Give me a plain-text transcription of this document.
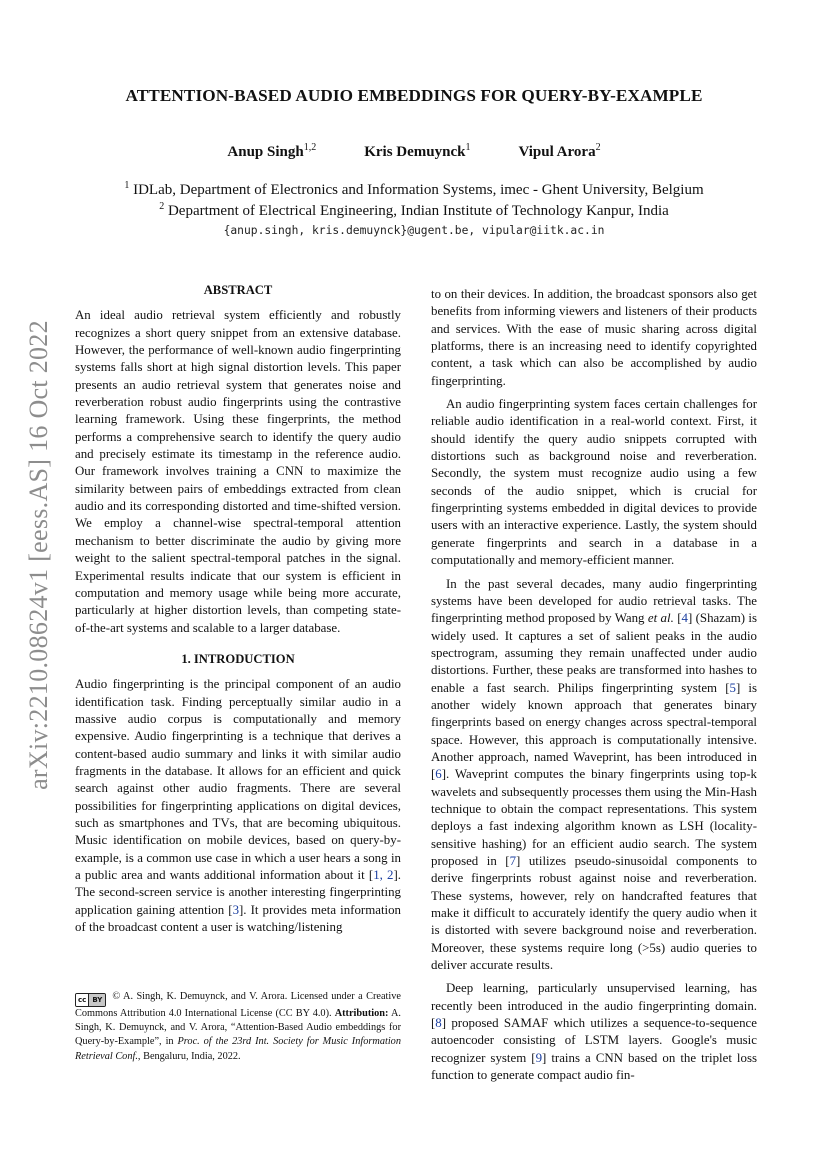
arXiv:2210.08624v1 [eess.AS] 16 Oct 2022
ATTENTION-BASED AUDIO EMBEDDINGS FOR QUERY-BY-EXAMPLE
Anup Singh$^{1,2}$	Kris Demuynck$^1$	Vipul Arora$^2$
$^1$ IDLab, Department of Electronics and Information Systems, imec - Ghent University, Belgium
$^2$ Department of Electrical Engineering, Indian Institute of Technology Kanpur, India
{anup.singh, kris.demuynck}@ugent.be, vipular@iitk.ac.in
ABSTRACT

An ideal audio retrieval system efficiently and robustly recognizes a short query snippet from an extensive database. However, the performance of well-known audio fingerprinting systems falls short at high signal distortion levels. This paper presents an audio retrieval system that generates noise and reverberation robust audio fingerprints using the contrastive learning framework. Using these fingerprints, the method performs a comprehensive search to identify the query audio and precisely estimate its timestamp in the reference audio. Our framework involves training a CNN to maximize the similarity between pairs of embeddings extracted from clean audio and its corresponding distorted and time-shifted version. We employ a channel-wise spectral-temporal attention mechanism to better discriminate the audio by giving more weight to the salient spectral-temporal patches in the signal. Experimental results indicate that our system is efficient in computation and memory usage while being more accurate, particularly at higher distortion levels, than competing state-of-the-art systems and scalable to a larger database.

1. INTRODUCTION

Audio fingerprinting is the principal component of an audio identification task. Finding perceptually similar audio in a massive audio corpus is computationally and memory expensive. Audio fingerprinting is a technique that derives a content-based audio summary and links it with similar audio fragments in the database. It allows for an efficient and quick search against other audio fragments. There are several possibilities for fingerprinting applications on digital devices, such as smartphones and TVs, that are becoming ubiquitous. Music identification on mobile devices, based on query-by-example, is a common use case in which a user hears a song in a public area and wants additional information about it [1, 2]. The second-screen service is another interesting fingerprinting application gaining attention [3]. It provides meta information of the broadcast content a user is watching/listening

to on their devices. In addition, the broadcast sponsors also get benefits from informing viewers and listeners of their products and services. With the ease of music sharing across digital platforms, there is an increasing need to identify copyrighted content, a task which can also be accomplished by audio fingerprinting.

An audio fingerprinting system faces certain challenges for reliable audio identification in a real-world context. First, it should identify the query audio snippets corrupted with distortions such as background noise and reverberation. Secondly, the system must recognize audio using a few seconds of the audio snippet, which is crucial for fingerprinting systems embedded in digital devices to provide users with an interactive experience. Lastly, the system should generate fingerprints and search in a database in a computationally and memory-efficient manner.

In the past several decades, many audio fingerprinting systems have been developed for audio retrieval tasks. The fingerprinting method proposed by Wang et al. [4] (Shazam) is widely used. It captures a set of salient peaks in the audio spectrogram, assuming they remain unaffected under audio distortions. Further, these peaks are transformed into hashes to enable a fast search. Philips fingerprinting system [5] is another widely known approach that generates binary fingerprints based on energy changes across spectral-temporal space. However, this approach is computationally intensive. Another approach, named Waveprint, has been introduced in [6]. Waveprint computes the binary fingerprints using top-k wavelets and subsequently processes them using the Min-Hash technique to obtain the compact representations. This system deploys a fast indexing algorithm known as LSH (locality-sensitive hashing) for an efficient audio search. The system proposed in [7] utilizes pseudo-sinusoidal components to derive fingerprints robust against noise and reverberation. These systems, however, rely on handcrafted features that make it difficult to accurately identify the query audio when it is distorted with severe background noise and reverberation. Moreover, these systems require long (>5s) audio queries to deliver accurate results.

Deep learning, particularly unsupervised learning, has recently been introduced in the audio fingerprinting domain. [8] proposed SAMAF which utilizes a sequence-to-sequence autoencoder consisting of LSTM layers. Google's music recognizer system [9] trains a CNN based on the triplet loss function to generate compact audio fin-

cc BY © A. Singh, K. Demuynck, and V. Arora. Licensed under a Creative Commons Attribution 4.0 International License (CC BY 4.0). Attribution: A. Singh, K. Demuynck, and V. Arora, “Attention-Based Audio embeddings for Query-by-Example”, in Proc. of the 23rd Int. Society for Music Information Retrieval Conf., Bengaluru, India, 2022.
